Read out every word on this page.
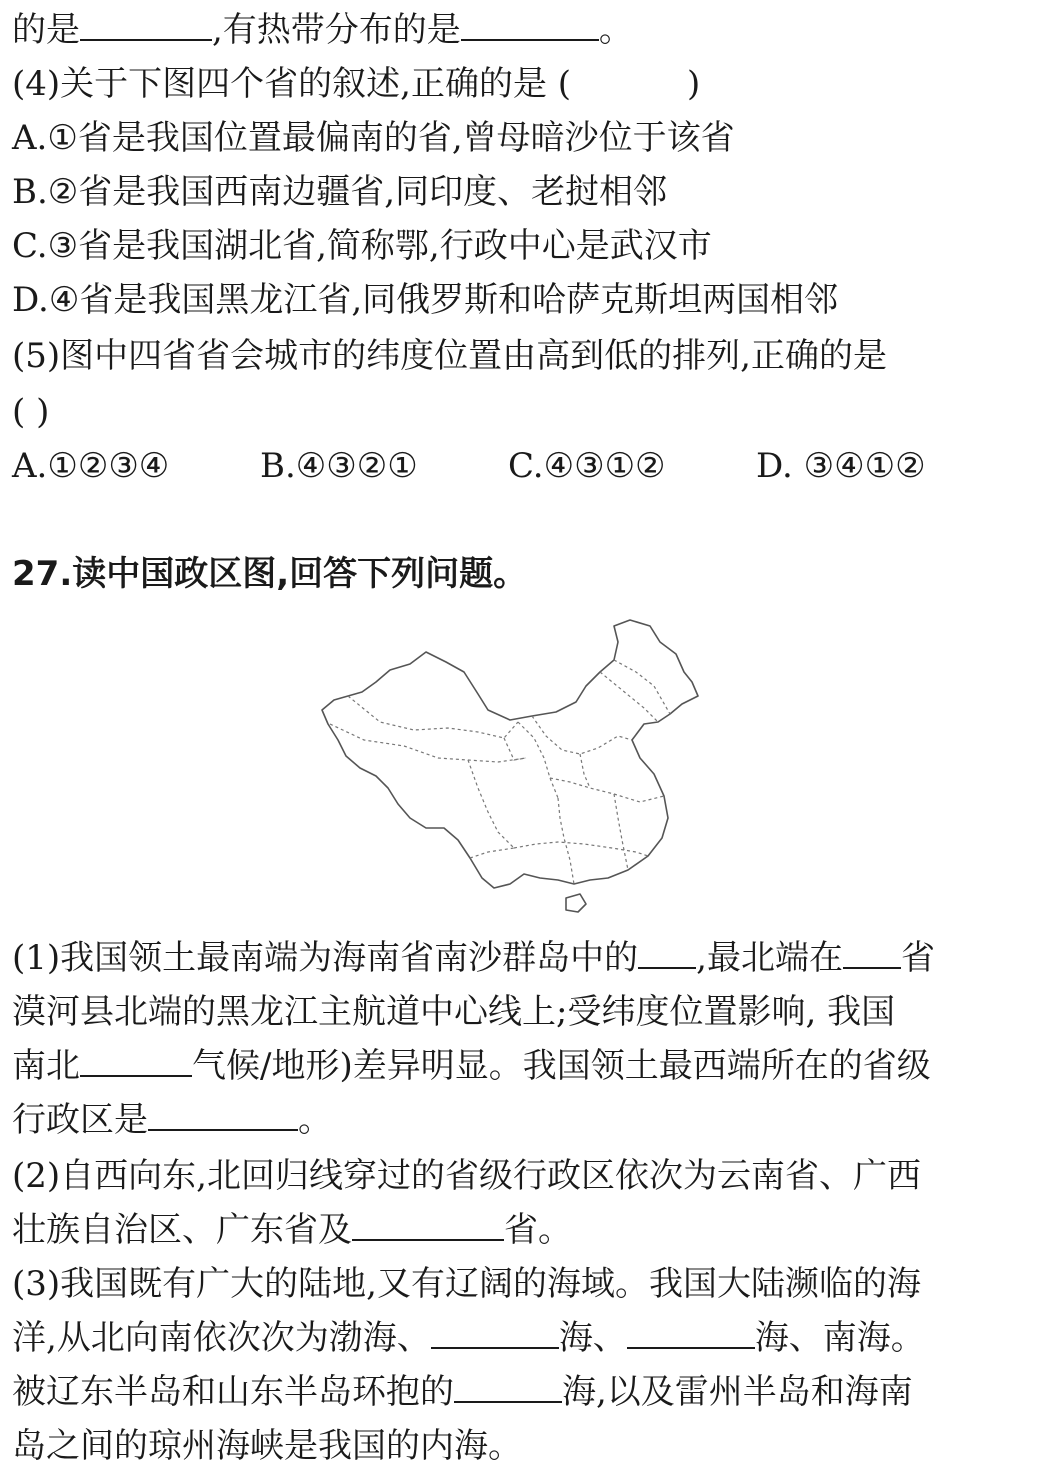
的是	,有热带分布的是	。
(4)关于下图四个省的叙述,正确的是 (	)
A.①省是我国位置最偏南的省,曾母暗沙位于该省
B.②省是我国西南边疆省,同印度、老挝相邻
C.③省是我国湖北省,简称鄂,行政中心是武汉市
D.④省是我国黑龙江省,同俄罗斯和哈萨克斯坦两国相邻
(5)图中四省省会城市的纬度位置由高到低的排列,正确的是
( )
A.①②③④	B.④③②①	C.④③①②	D. ③④①②
27.读中国政区图,回答下列问题。
(1)我国领土最南端为海南省南沙群岛中的 ,最北端在 省
漠河县北端的黑龙江主航道中心线上;受纬度位置影响, 我国
南北	气候/地形)差异明显。我国领土最西端所在的省级
行政区是	。
(2)自西向东,北回归线穿过的省级行政区依次为云南省、广西
壮族自治区、广东省及	省。
(3)我国既有广大的陆地,又有辽阔的海域。我国大陆濒临的海
洋,从北向南依次次为渤海、	海、	海、南海。
被辽东半岛和山东半岛环抱的	海,以及雷州半岛和海南
岛之间的琼州海峡是我国的内海。
